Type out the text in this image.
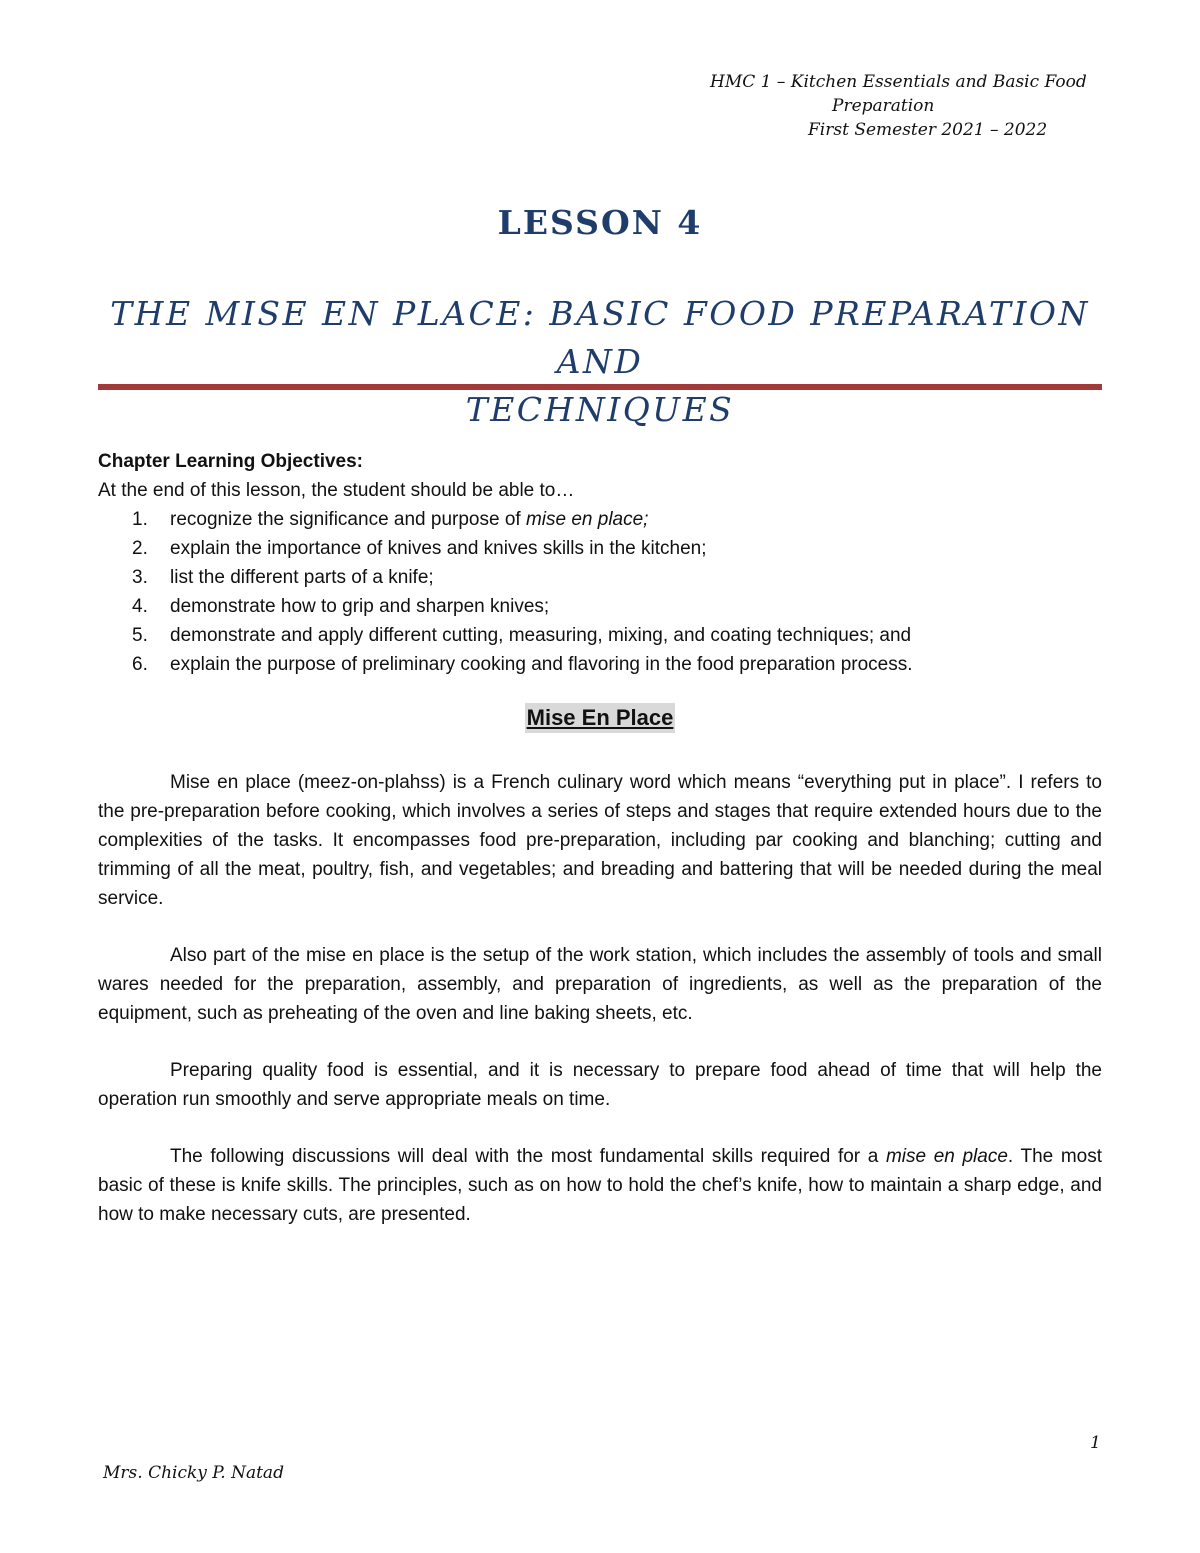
HMC 1 – Kitchen Essentials and Basic Food
Preparation
First Semester 2021 – 2022
LESSON 4
THE MISE EN PLACE: BASIC FOOD PREPARATION AND
TECHNIQUES
Chapter Learning Objectives:
At the end of this lesson, the student should be able to…
1. recognize the significance and purpose of mise en place;
2. explain the importance of knives and knives skills in the kitchen;
3. list the different parts of a knife;
4. demonstrate how to grip and sharpen knives;
5. demonstrate and apply different cutting, measuring, mixing, and coating techniques; and
6. explain the purpose of preliminary cooking and flavoring in the food preparation process.
Mise En Place

Mise en place (meez-on-plahss) is a French culinary word which means “everything put in place”. I refers to the pre-preparation before cooking, which involves a series of steps and stages that require extended hours due to the complexities of the tasks. It encompasses food pre-preparation, including par cooking and blanching; cutting and trimming of all the meat, poultry, fish, and vegetables; and breading and battering that will be needed during the meal service.

Also part of the mise en place is the setup of the work station, which includes the assembly of tools and small wares needed for the preparation, assembly, and preparation of ingredients, as well as the preparation of the equipment, such as preheating of the oven and line baking sheets, etc.

Preparing quality food is essential, and it is necessary to prepare food ahead of time that will help the operation run smoothly and serve appropriate meals on time.

The following discussions will deal with the most fundamental skills required for a mise en place. The most basic of these is knife skills. The principles, such as on how to hold the chef’s knife, how to maintain a sharp edge, and how to make necessary cuts, are presented.

1
Mrs. Chicky P. Natad
